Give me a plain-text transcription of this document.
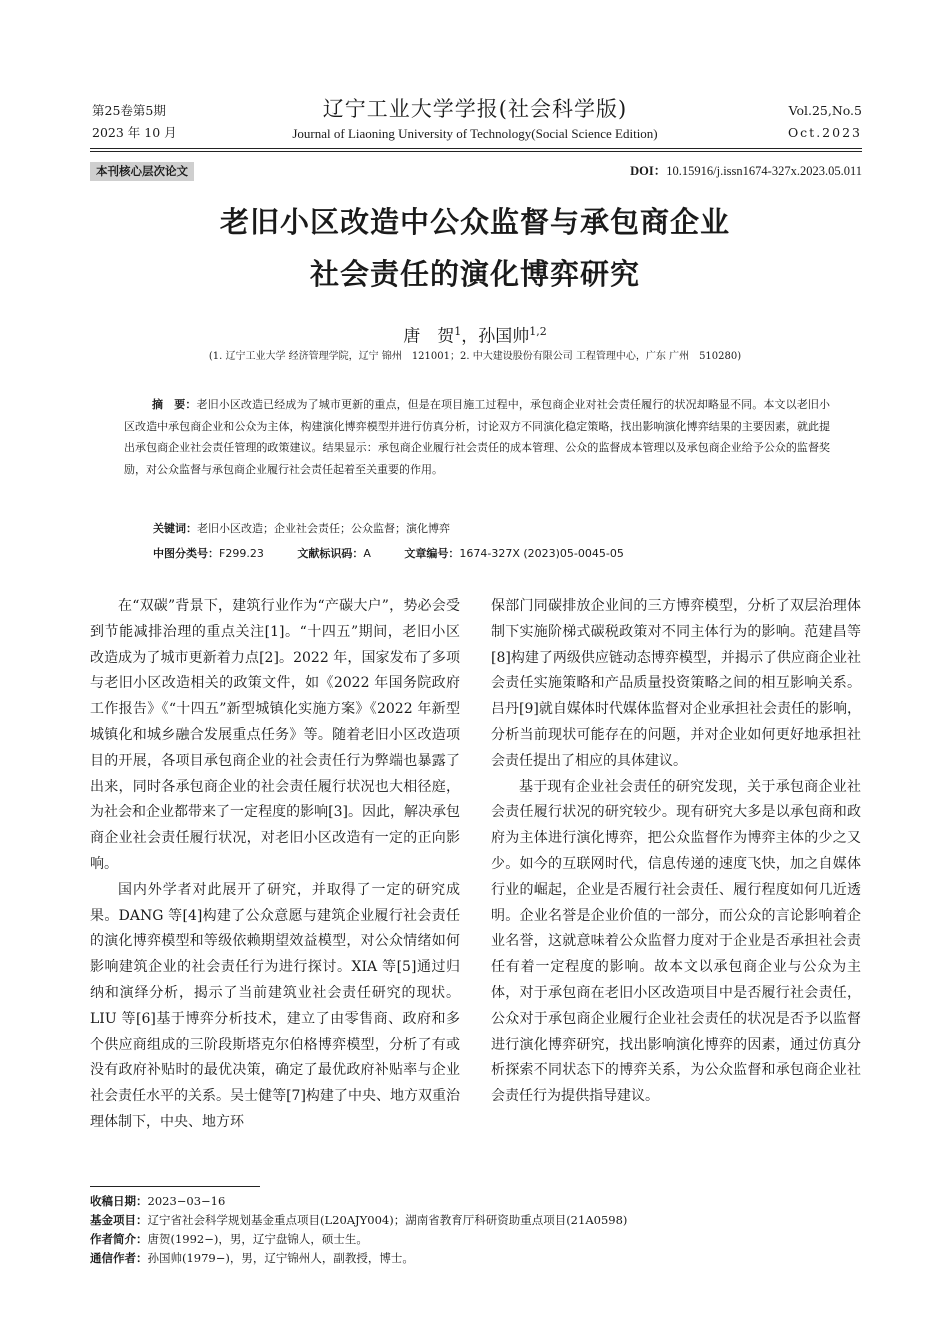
第25卷第5期
2023 年 10 月
辽宁工业大学学报(社会科学版)
Journal of Liaoning University of Technology(Social Science Edition)
Vol.25,No.5
Oct.2023
本刊核心层次论文	DOI：10.15916/j.issn1674-327x.2023.05.011
老旧小区改造中公众监督与承包商企业
社会责任的演化博弈研究
唐　贺$^1$，孙国帅$^{1,2}$
(1. 辽宁工业大学 经济管理学院，辽宁 锦州　121001；2. 中大建设股份有限公司 工程管理中心，广东 广州　510280)
摘　要：老旧小区改造已经成为了城市更新的重点，但是在项目施工过程中，承包商企业对社会责任履行的状况却略显不同。本文以老旧小区改造中承包商企业和公众为主体，构建演化博弈模型并进行仿真分析，讨论双方不同演化稳定策略，找出影响演化博弈结果的主要因素，就此提出承包商企业社会责任管理的政策建议。结果显示：承包商企业履行社会责任的成本管理、公众的监督成本管理以及承包商企业给予公众的监督奖励，对公众监督与承包商企业履行社会责任起着至关重要的作用。
关键词：老旧小区改造；企业社会责任；公众监督；演化博弈
中图分类号：F299.23	文献标识码：A	文章编号：1674-327X (2023)05-0045-05

在“双碳”背景下，建筑行业作为“产碳大户”，势必会受到节能减排治理的重点关注[1]。“十四五”期间，老旧小区改造成为了城市更新着力点[2]。2022 年，国家发布了多项与老旧小区改造相关的政策文件，如《2022 年国务院政府工作报告》《“十四五”新型城镇化实施方案》《2022 年新型城镇化和城乡融合发展重点任务》等。随着老旧小区改造项目的开展，各项目承包商企业的社会责任行为弊端也暴露了出来，同时各承包商企业的社会责任履行状况也大相径庭，为社会和企业都带来了一定程度的影响[3]。因此，解决承包商企业社会责任履行状况，对老旧小区改造有一定的正向影响。

国内外学者对此展开了研究，并取得了一定的研究成果。DANG 等[4]构建了公众意愿与建筑企业履行社会责任的演化博弈模型和等级依赖期望效益模型，对公众情绪如何影响建筑企业的社会责任行为进行探讨。XIA 等[5]通过归纳和演绎分析，揭示了当前建筑业社会责任研究的现状。LIU 等[6]基于博弈分析技术，建立了由零售商、政府和多个供应商组成的三阶段斯塔克尔伯格博弈模型，分析了有或没有政府补贴时的最优决策，确定了最优政府补贴率与企业社会责任水平的关系。吴士健等[7]构建了中央、地方双重治理体制下，中央、地方环

保部门同碳排放企业间的三方博弈模型，分析了双层治理体制下实施阶梯式碳税政策对不同主体行为的影响。范建昌等[8]构建了两级供应链动态博弈模型，并揭示了供应商企业社会责任实施策略和产品质量投资策略之间的相互影响关系。吕丹[9]就自媒体时代媒体监督对企业承担社会责任的影响，分析当前现状可能存在的问题，并对企业如何更好地承担社会责任提出了相应的具体建议。

基于现有企业社会责任的研究发现，关于承包商企业社会责任履行状况的研究较少。现有研究大多是以承包商和政府为主体进行演化博弈，把公众监督作为博弈主体的少之又少。如今的互联网时代，信息传递的速度飞快，加之自媒体行业的崛起，企业是否履行社会责任、履行程度如何几近透明。企业名誉是企业价值的一部分，而公众的言论影响着企业名誉，这就意味着公众监督力度对于企业是否承担社会责任有着一定程度的影响。故本文以承包商企业与公众为主体，对于承包商在老旧小区改造项目中是否履行社会责任，公众对于承包商企业履行企业社会责任的状况是否予以监督进行演化博弈研究，找出影响演化博弈的因素，通过仿真分析探索不同状态下的博弈关系，为公众监督和承包商企业社会责任行为提供指导建议。

收稿日期：2023−03−16
基金项目：辽宁省社会科学规划基金重点项目(L20AJY004)；湖南省教育厅科研资助重点项目(21A0598)
作者简介：唐贺(1992−)，男，辽宁盘锦人，硕士生。
通信作者：孙国帅(1979−)，男，辽宁锦州人，副教授，博士。
